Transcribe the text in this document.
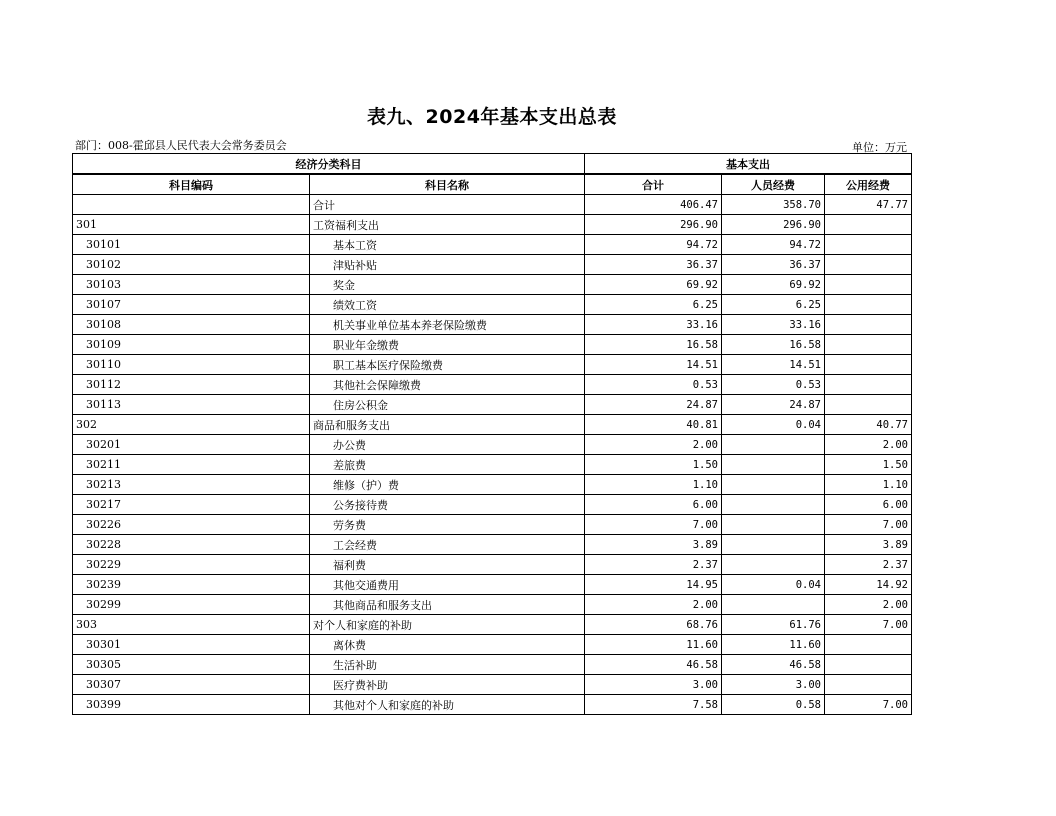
表九、2024年基本支出总表
部门：008-霍邱县人民代表大会常务委员会	单位：万元
经济分类科目		基本支出		
科目编码	科目名称	合计	人员经费	公用经费
	合计	406.47	358.70	47.77
301	工资福利支出	296.90	296.90	
30101	基本工资	94.72	94.72	
30102	津贴补贴	36.37	36.37	
30103	奖金	69.92	69.92	
30107	绩效工资	6.25	6.25	
30108	机关事业单位基本养老保险缴费	33.16	33.16	
30109	职业年金缴费	16.58	16.58	
30110	职工基本医疗保险缴费	14.51	14.51	
30112	其他社会保障缴费	0.53	0.53	
30113	住房公积金	24.87	24.87	
302	商品和服务支出	40.81	0.04	40.77
30201	办公费	2.00		2.00
30211	差旅费	1.50		1.50
30213	维修（护）费	1.10		1.10
30217	公务接待费	6.00		6.00
30226	劳务费	7.00		7.00
30228	工会经费	3.89		3.89
30229	福利费	2.37		2.37
30239	其他交通费用	14.95	0.04	14.92
30299	其他商品和服务支出	2.00		2.00
303	对个人和家庭的补助	68.76	61.76	7.00
30301	离休费	11.60	11.60	
30305	生活补助	46.58	46.58	
30307	医疗费补助	3.00	3.00	
30399	其他对个人和家庭的补助	7.58	0.58	7.00
